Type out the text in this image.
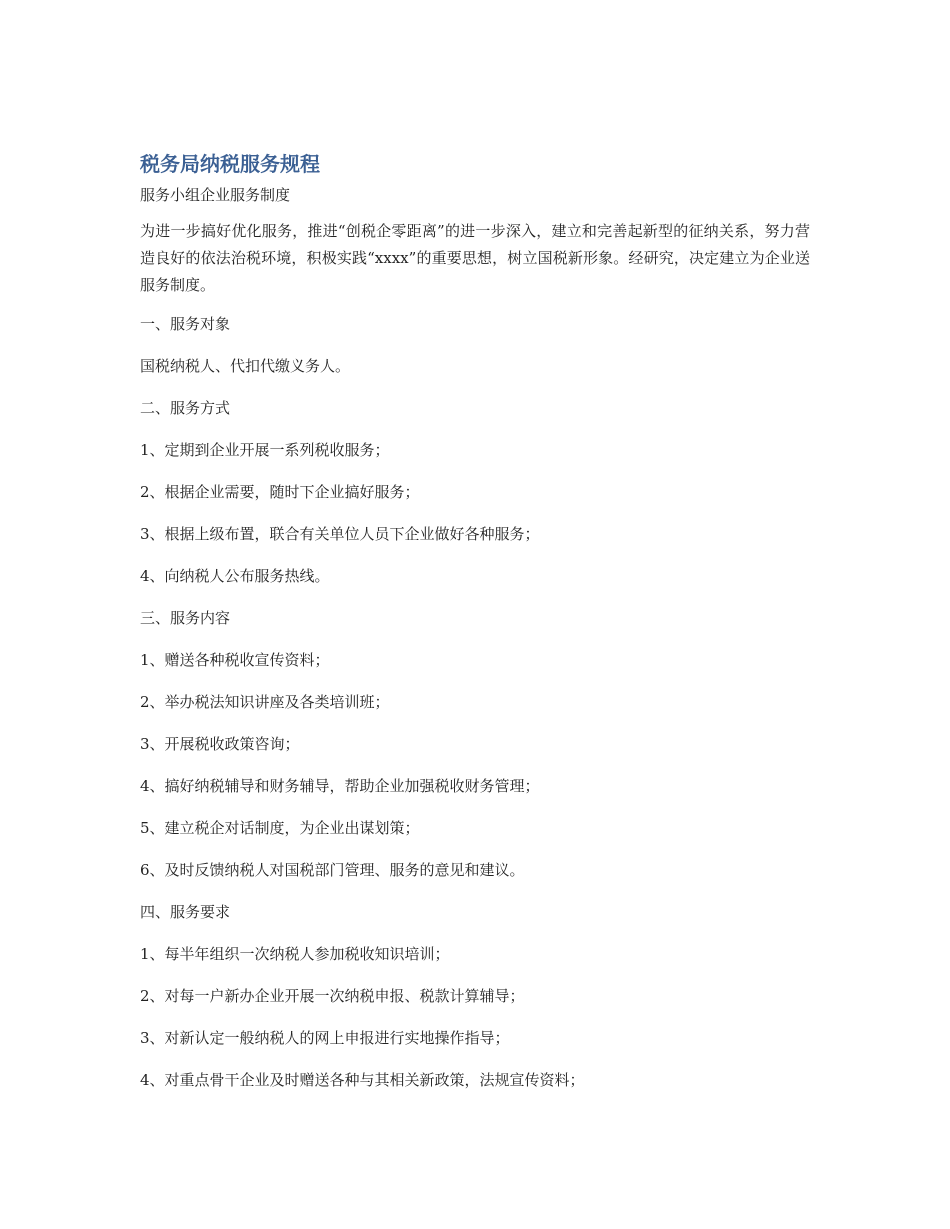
税务局纳税服务规程
服务小组企业服务制度

为进一步搞好优化服务，推进“创税企零距离”的进一步深入，建立和完善起新型的征纳关系，努力营造良好的依法治税环境，积极实践“xxxx”的重要思想，树立国税新形象。经研究，决定建立为企业送服务制度。

一、服务对象

国税纳税人、代扣代缴义务人。

二、服务方式

1、定期到企业开展一系列税收服务；

2、根据企业需要，随时下企业搞好服务；

3、根据上级布置，联合有关单位人员下企业做好各种服务；

4、向纳税人公布服务热线。

三、服务内容

1、赠送各种税收宣传资料；

2、举办税法知识讲座及各类培训班；

3、开展税收政策咨询；

4、搞好纳税辅导和财务辅导，帮助企业加强税收财务管理；

5、建立税企对话制度，为企业出谋划策；

6、及时反馈纳税人对国税部门管理、服务的意见和建议。

四、服务要求

1、每半年组织一次纳税人参加税收知识培训；

2、对每一户新办企业开展一次纳税申报、税款计算辅导；

3、对新认定一般纳税人的网上申报进行实地操作指导；

4、对重点骨干企业及时赠送各种与其相关新政策，法规宣传资料；
